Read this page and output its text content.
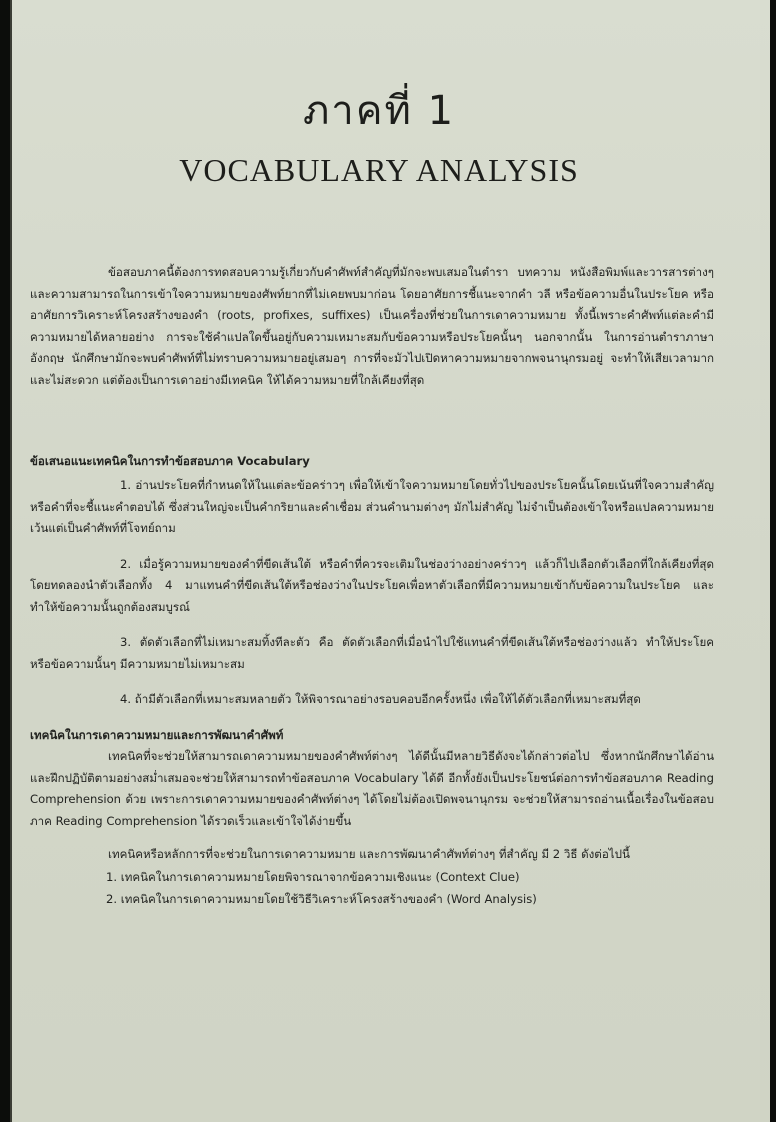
ภาคที่ 1
VOCABULARY ANALYSIS

ข้อสอบภาคนี้ต้องการทดสอบความรู้เกี่ยวกับคำศัพท์สำคัญที่มักจะพบเสมอในตำรา บทความ หนังสือพิมพ์และวารสารต่างๆ และความสามารถในการเข้าใจความหมายของศัพท์ยากที่ไม่เคยพบมาก่อน โดยอาศัยการชี้แนะจากคำ วลี หรือข้อความอื่นในประโยค หรืออาศัยการวิเคราะห์โครงสร้างของคำ (roots, profixes, suffixes) เป็นเครื่องที่ช่วยในการเดาความหมาย ทั้งนี้เพราะคำศัพท์แต่ละคำมีความหมายได้หลายอย่าง การจะใช้คำแปลใดขึ้นอยู่กับความเหมาะสมกับข้อความหรือประโยคนั้นๆ นอกจากนั้น ในการอ่านตำราภาษาอังกฤษ นักศึกษามักจะพบคำศัพท์ที่ไม่ทราบความหมายอยู่เสมอๆ การที่จะมัวไปเปิดหาความหมายจากพจนานุกรมอยู่ จะทำให้เสียเวลามากและไม่สะดวก แต่ต้องเป็นการเดาอย่างมีเทคนิค ให้ได้ความหมายที่ใกล้เคียงที่สุด

ข้อเสนอแนะเทคนิคในการทำข้อสอบภาค Vocabulary

1. อ่านประโยคที่กำหนดให้ในแต่ละข้อคร่าวๆ เพื่อให้เข้าใจความหมายโดยทั่วไปของประโยคนั้นโดยเน้นที่ใจความสำคัญหรือคำที่จะชี้แนะคำตอบได้ ซึ่งส่วนใหญ่จะเป็นคำกริยาและคำเชื่อม ส่วนคำนามต่างๆ มักไม่สำคัญ ไม่จำเป็นต้องเข้าใจหรือแปลความหมาย เว้นแต่เป็นคำศัพท์ที่โจทย์ถาม

2. เมื่อรู้ความหมายของคำที่ขีดเส้นใต้ หรือคำที่ควรจะเติมในช่องว่างอย่างคร่าวๆ แล้วก็ไปเลือกตัวเลือกที่ใกล้เคียงที่สุด โดยทดลองนำตัวเลือกทั้ง 4 มาแทนคำที่ขีดเส้นใต้หรือช่องว่างในประโยคเพื่อหาตัวเลือกที่มีความหมายเข้ากับข้อความในประโยค และทำให้ข้อความนั้นถูกต้องสมบูรณ์

3. ตัดตัวเลือกที่ไม่เหมาะสมทิ้งทีละตัว คือ ตัดตัวเลือกที่เมื่อนำไปใช้แทนคำที่ขีดเส้นใต้หรือช่องว่างแล้ว ทำให้ประโยคหรือข้อความนั้นๆ มีความหมายไม่เหมาะสม

4. ถ้ามีตัวเลือกที่เหมาะสมหลายตัว ให้พิจารณาอย่างรอบคอบอีกครั้งหนึ่ง เพื่อให้ได้ตัวเลือกที่เหมาะสมที่สุด

เทคนิคในการเดาความหมายและการพัฒนาคำศัพท์

เทคนิคที่จะช่วยให้สามารถเดาความหมายของคำศัพท์ต่างๆ ได้ดีนั้นมีหลายวิธีดังจะได้กล่าวต่อไป ซึ่งหากนักศึกษาได้อ่านและฝึกปฏิบัติตามอย่างสม่ำเสมอจะช่วยให้สามารถทำข้อสอบภาค Vocabulary ได้ดี อีกทั้งยังเป็นประโยชน์ต่อการทำข้อสอบภาค Reading Comprehension ด้วย เพราะการเดาความหมายของคำศัพท์ต่างๆ ได้โดยไม่ต้องเปิดพจนานุกรม จะช่วยให้สามารถอ่านเนื้อเรื่องในข้อสอบภาค Reading Comprehension ได้รวดเร็วและเข้าใจได้ง่ายขึ้น

เทคนิคหรือหลักการที่จะช่วยในการเดาความหมาย และการพัฒนาคำศัพท์ต่างๆ ที่สำคัญ มี 2 วิธี ดังต่อไปนี้

1. เทคนิคในการเดาความหมายโดยพิจารณาจากข้อความเชิงแนะ (Context Clue)

2. เทคนิคในการเดาความหมายโดยใช้วิธีวิเคราะห์โครงสร้างของคำ (Word Analysis)
